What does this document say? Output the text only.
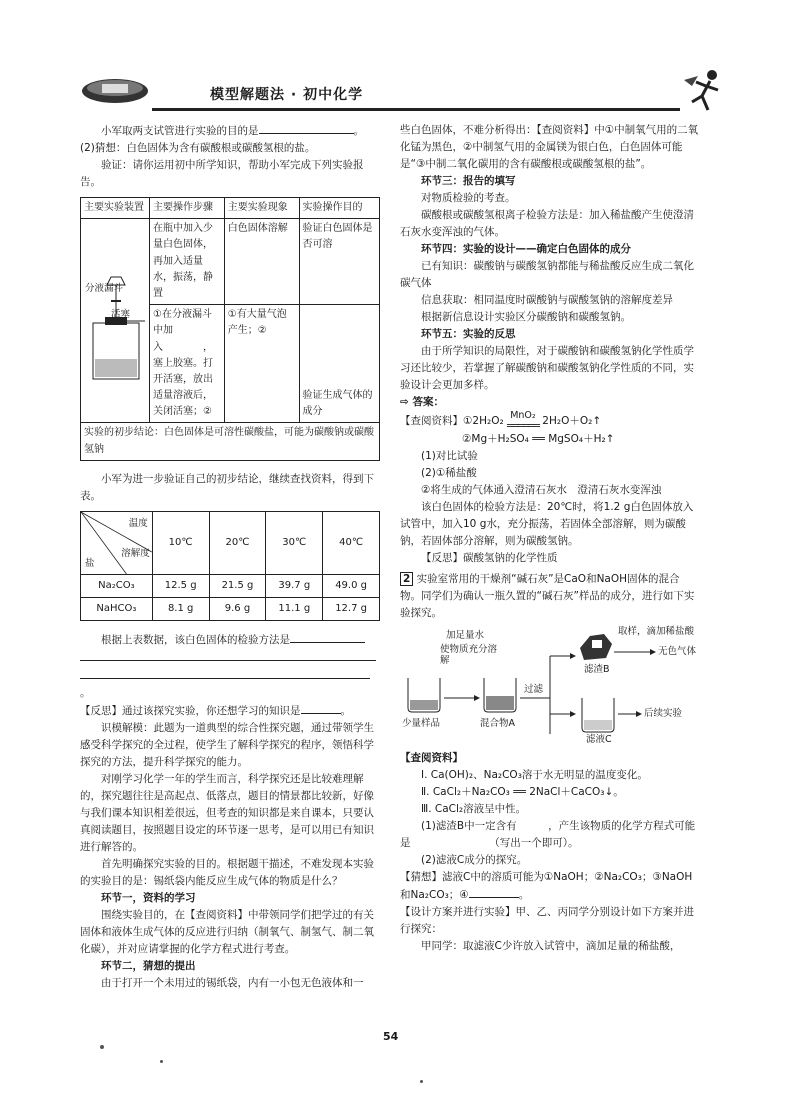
模型解题法 · 初中化学

小军取两支试管进行实验的目的是	。

(2)猜想：白色固体为含有碳酸根或碳酸氢根的盐。

验证：请你运用初中所学知识，帮助小军完成下列实验报告。

主要实验装置	主要操作步骤	主要实验现象	实验操作目的

分液漏斗
活塞	在瓶中加入少量白色固体，再加入适量水，振荡，静置	白色固体溶解	验证白色固体是否可溶
	①在分液漏斗中加入　　　　，塞上胶塞。打开活塞，放出适量溶液后，关闭活塞；②	①有大量气泡产生；②	验证生成气体的成分
实验的初步结论：白色固体是可溶性碳酸盐，可能为碳酸钠或碳酸氢钠			

小军为进一步验证自己的初步结论，继续查找资料，得到下表。

温度
溶解度
盐	10℃	20℃	30℃	40℃
Na₂CO₃	12.5 g	21.5 g	39.7 g	49.0 g
NaHCO₃	8.1 g	9.6 g	11.1 g	12.7 g

根据上表数据，该白色固体的检验方法是

。

【反思】通过该探究实验，你还想学习的知识是	。

识模解模：此题为一道典型的综合性探究题，通过带领学生感受科学探究的全过程，使学生了解科学探究的程序，领悟科学探究的方法，提升科学探究的能力。

对刚学习化学一年的学生而言，科学探究还是比较难理解的，探究题往往是高起点、低落点，题目的情景都比较新，好像与我们课本知识相差很远，但考查的知识都是来自课本，只要认真阅读题目，按照题目设定的环节逐一思考，是可以用已有知识进行解答的。

首先明确探究实验的目的。根据题干描述，不难发现本实验的实验目的是：锡纸袋内能反应生成气体的物质是什么？

环节一，资料的学习

围绕实验目的，在【查阅资料】中带领同学们把学过的有关固体和液体生成气体的反应进行归纳（制氧气、制氢气、制二氧化碳），并对应请掌握的化学方程式进行考查。

环节二，猜想的提出

由于打开一个未用过的锡纸袋，内有一小包无色液体和一

些白色固体，不难分析得出：【查阅资料】中①中制氧气用的二氧化锰为黑色，②中制氢气用的金属镁为银白色，白色固体可能是“③中制二氧化碳用的含有碳酸根或碳酸氢根的盐”。

环节三：报告的填写

对物质检验的考查。

碳酸根或碳酸氢根离子检验方法是：加入稀盐酸产生使澄清石灰水变浑浊的气体。

环节四：实验的设计——确定白色固体的成分

已有知识：碳酸钠与碳酸氢钠都能与稀盐酸反应生成二氧化碳气体

信息获取：相同温度时碳酸钠与碳酸氢钠的溶解度差异

根据新信息设计实验区分碳酸钠和碳酸氢钠。

环节五：实验的反思

由于所学知识的局限性，对于碳酸钠和碳酸氢钠化学性质学习还比较少，若掌握了解碳酸钠和碳酸氢钠化学性质的不同，实验设计会更加多样。

⇨ 答案：

【查阅资料】①2H₂O₂ MnO₂
══════ 2H₂O＋O₂↑

②Mg＋H₂SO₄ ══ MgSO₄＋H₂↑

(1)对比试验

(2)①稀盐酸

②将生成的气体通入澄清石灰水　澄清石灰水变浑浊

该白色固体的检验方法是：20℃时，将1.2 g白色固体放入试管中，加入10 g水，充分振荡，若固体全部溶解，则为碳酸钠，若固体部分溶解，则为碳酸氢钠。

【反思】碳酸氢钠的化学性质

2 实验室常用的干燥剂“碱石灰”是CaO和NaOH固体的混合物。同学们为确认一瓶久置的“碱石灰”样品的成分，进行如下实验探究。

加足量水
使物质充分溶解
过滤
少量样品	混合物A
取样，滴加稀盐酸
滤渣B
无色气体
滤液C
后续实验

【查阅资料】

Ⅰ. Ca(OH)₂、Na₂CO₃溶于水无明显的温度变化。

Ⅱ. CaCl₂＋Na₂CO₃ ══ 2NaCl＋CaCO₃↓。

Ⅲ. CaCl₂溶液呈中性。

(1)滤渣B中一定含有　　　，产生该物质的化学方程式可能是　　　　　　　　（写出一个即可）。

(2)滤液C成分的探究。

【猜想】滤液C中的溶质可能为①NaOH；②Na₂CO₃；③NaOH和Na₂CO₃；④	。

【设计方案并进行实验】甲、乙、丙同学分别设计如下方案并进行探究：

甲同学：取滤液C少许放入试管中，滴加足量的稀盐酸，

54
